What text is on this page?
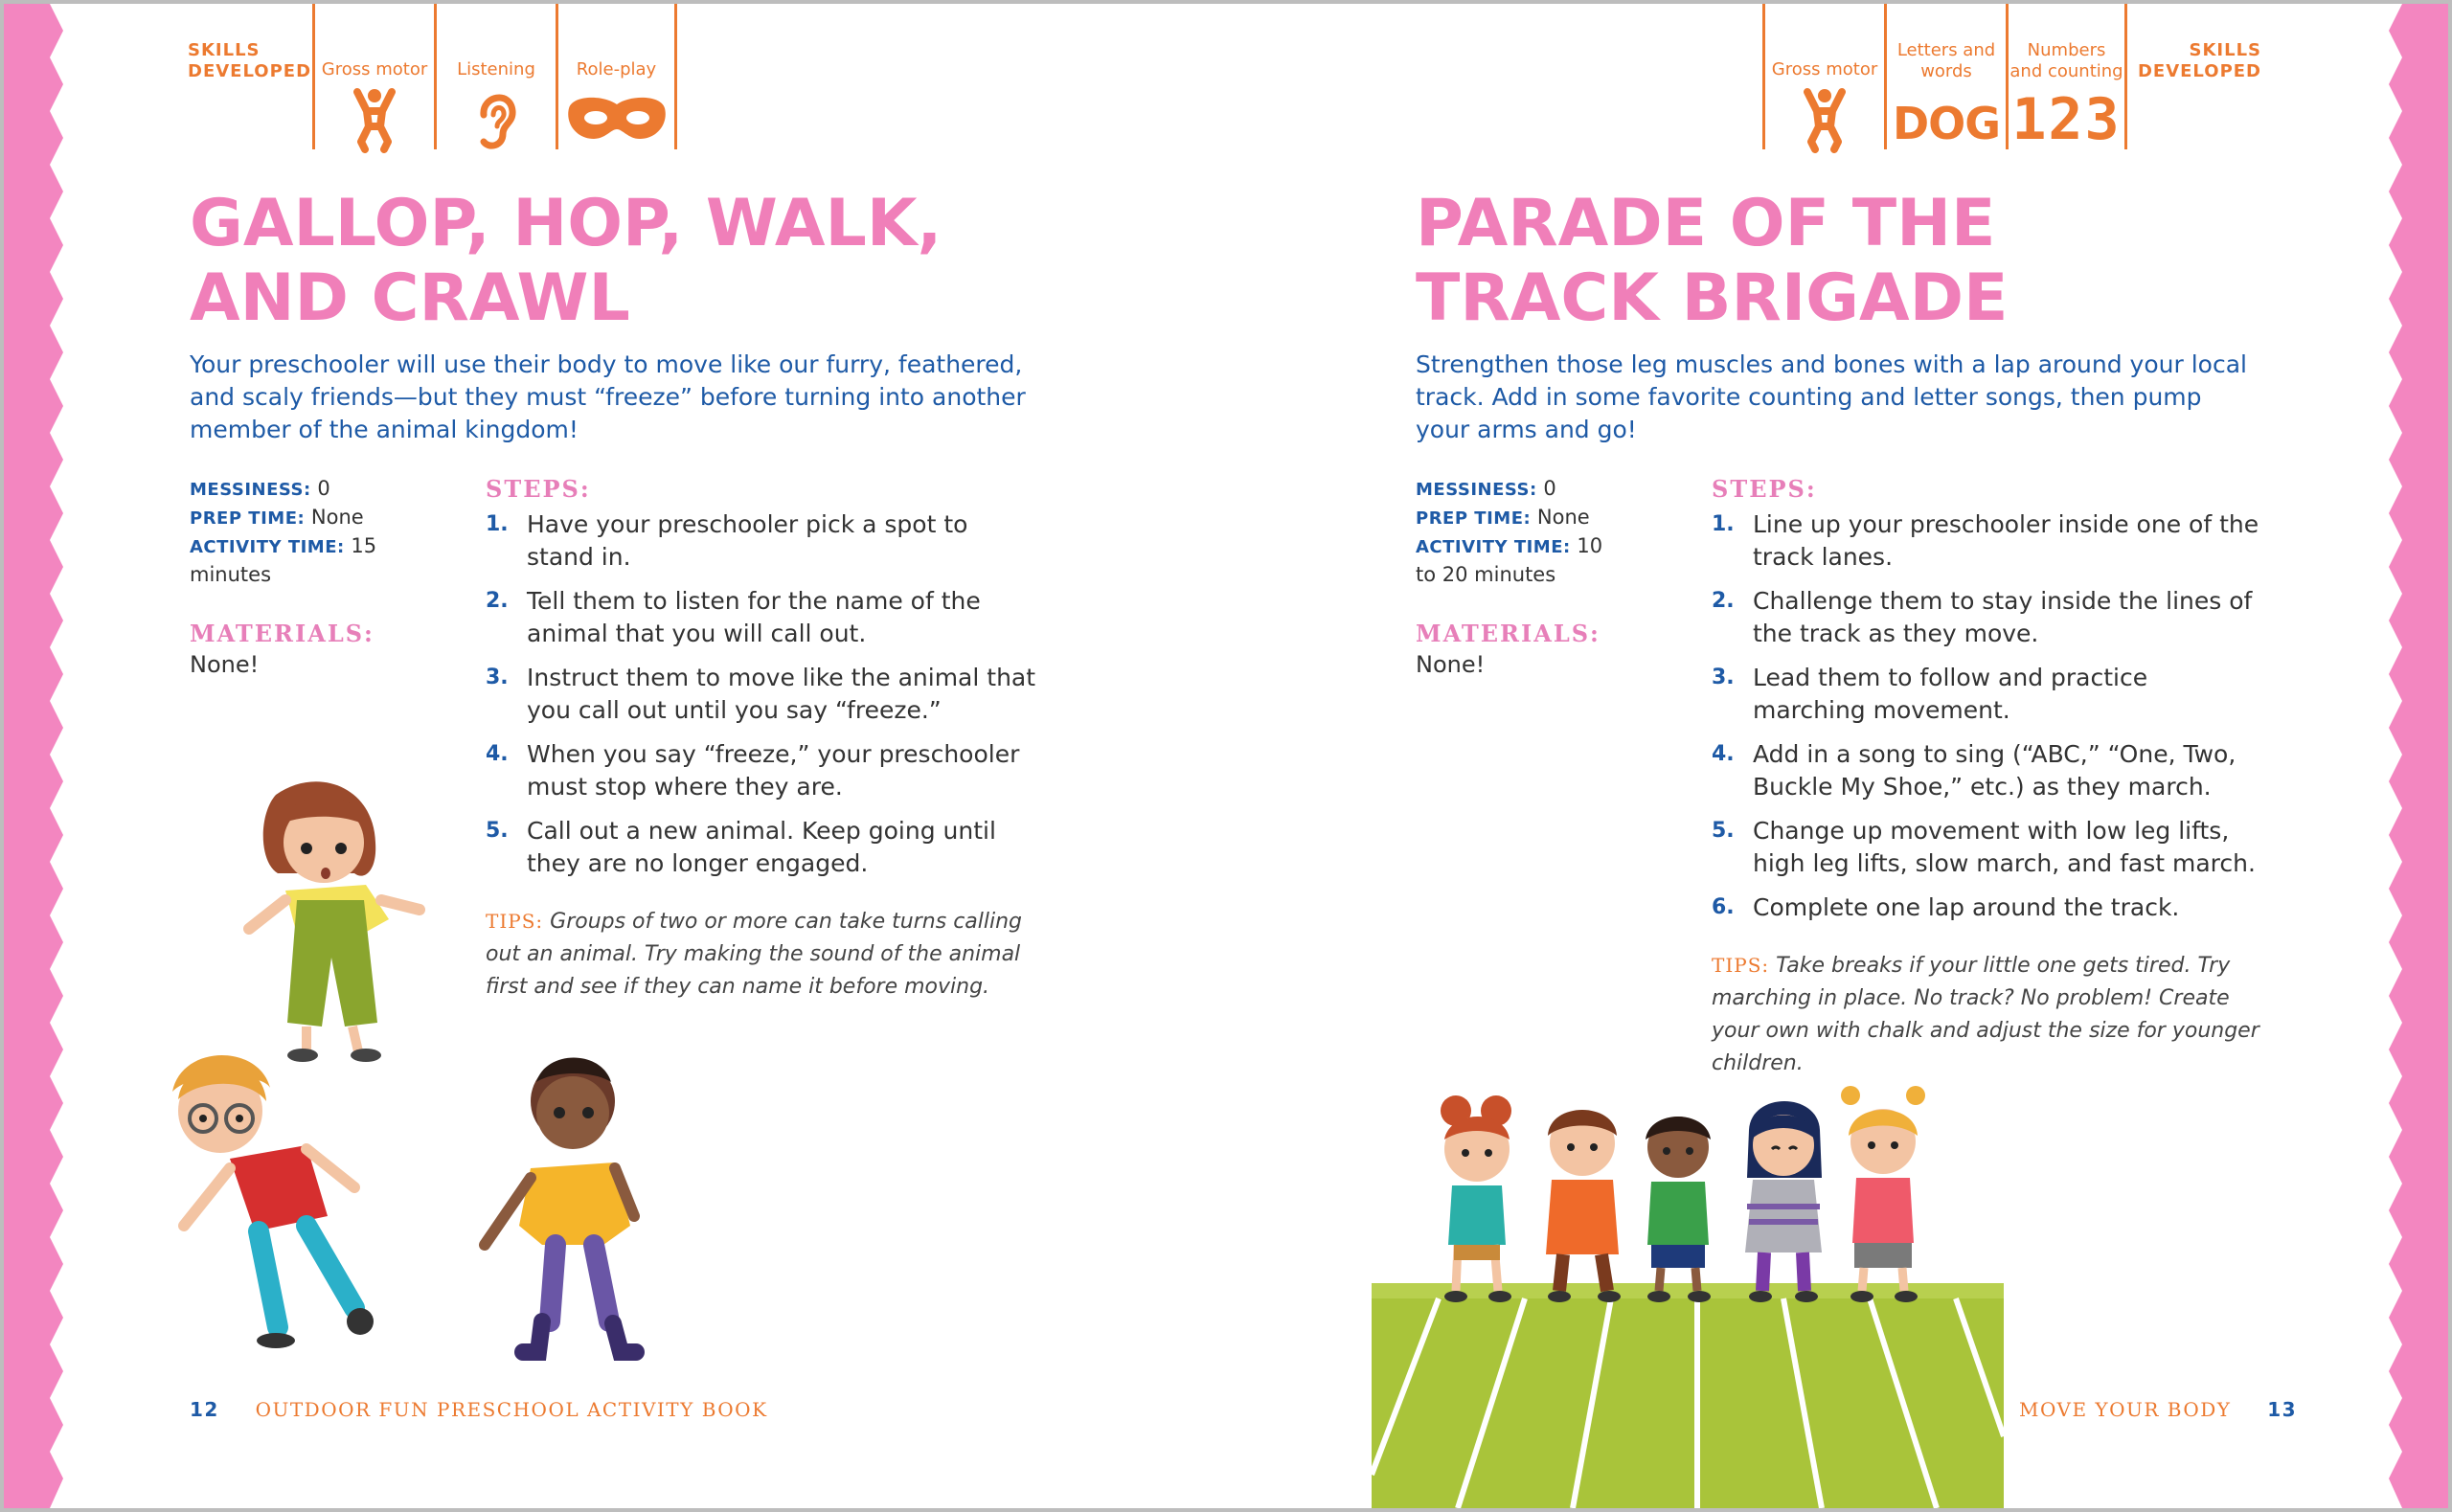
SKILLS DEVELOPED Gross motor	Listening	Role-play
GALLOP, HOP, WALK,
AND CRAWL
Your preschooler will use their body to move like our furry, feathered, and scaly friends—but they must “freeze” before turning into another member of the animal kingdom!
MESSINESS: 0
PREP TIME: None
ACTIVITY TIME: 15 minutes
MATERIALS:
None!
STEPS:
1. Have your preschooler pick a spot to stand in.
2. Tell them to listen for the name of the animal that you will call out.
3. Instruct them to move like the animal that you call out until you say “freeze.”
4. When you say “freeze,” your preschooler must stop where they are.
5. Call out a new animal. Keep going until they are no longer engaged.
TIPS: Groups of two or more can take turns calling out an animal. Try making the sound of the animal first and see if they can name it before moving.
12 OUTDOOR FUN PRESCHOOL ACTIVITY BOOK
Gross motor
Letters and words
DOG
Numbers and counting
123
SKILLS DEVELOPED
PARADE OF THE
TRACK BRIGADE
Strengthen those leg muscles and bones with a lap around your local track. Add in some favorite counting and letter songs, then pump your arms and go!
MESSINESS: 0
PREP TIME: None
ACTIVITY TIME: 10 to 20 minutes
MATERIALS:
None!
STEPS:
1. Line up your preschooler inside one of the track lanes.
2. Challenge them to stay inside the lines of the track as they move.
3. Lead them to follow and practice marching movement.
4. Add in a song to sing (“ABC,” “One, Two, Buckle My Shoe,” etc.) as they march.
5. Change up movement with low leg lifts, high leg lifts, slow march, and fast march.
6. Complete one lap around the track.
TIPS: Take breaks if your little one gets tired. Try marching in place. No track? No problem! Create your own with chalk and adjust the size for younger children.
MOVE YOUR BODY 13
